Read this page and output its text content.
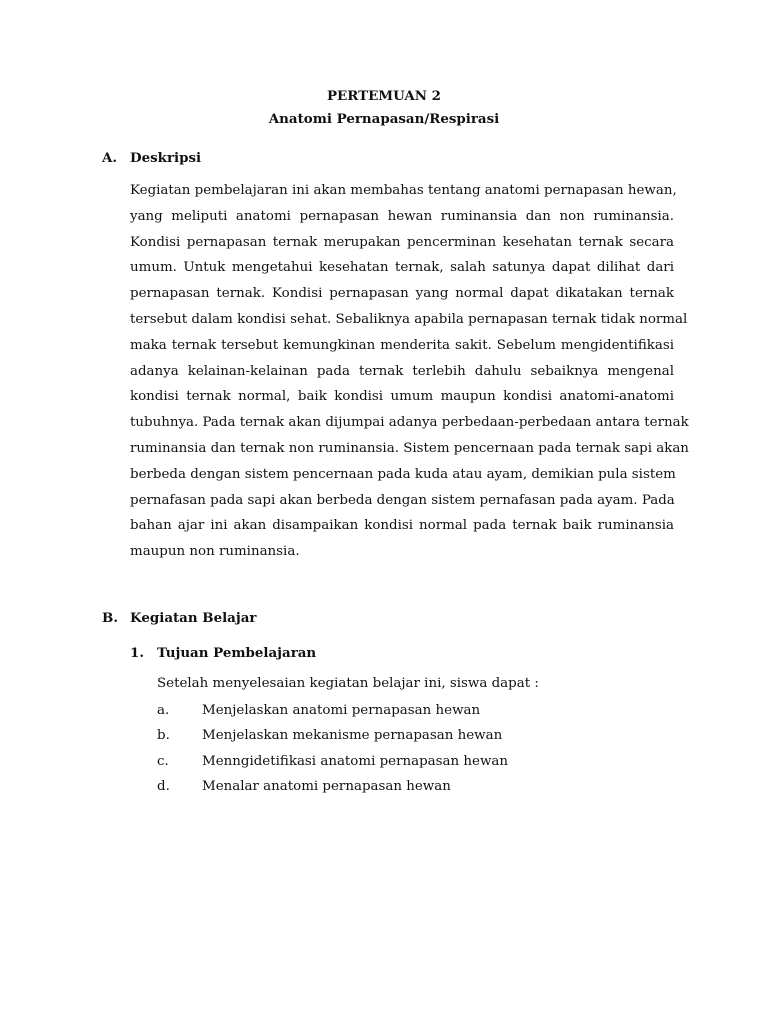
PERTEMUAN 2
Anatomi Pernapasan/Respirasi
A. Deskripsi
Kegiatan pembelajaran ini akan membahas tentang anatomi pernapasan hewan,
yang meliputi anatomi pernapasan hewan ruminansia dan non ruminansia.
Kondisi pernapasan ternak merupakan pencerminan kesehatan ternak secara
umum. Untuk mengetahui kesehatan ternak, salah satunya dapat dilihat dari
pernapasan ternak. Kondisi pernapasan yang normal dapat dikatakan ternak
tersebut dalam kondisi sehat. Sebaliknya apabila pernapasan ternak tidak normal
maka ternak tersebut kemungkinan menderita sakit. Sebelum mengidentifikasi
adanya kelainan-kelainan pada ternak terlebih dahulu sebaiknya mengenal
kondisi ternak normal, baik kondisi umum maupun kondisi anatomi-anatomi
tubuhnya. Pada ternak akan dijumpai adanya perbedaan-perbedaan antara ternak
ruminansia dan ternak non ruminansia. Sistem pencernaan pada ternak sapi akan
berbeda dengan sistem pencernaan pada kuda atau ayam, demikian pula sistem
pernafasan pada sapi akan berbeda dengan sistem pernafasan pada ayam. Pada
bahan ajar ini akan disampaikan kondisi normal pada ternak baik ruminansia
maupun non ruminansia.
B. Kegiatan Belajar
1. Tujuan Pembelajaran
Setelah menyelesaian kegiatan belajar ini, siswa dapat :
a. Menjelaskan anatomi pernapasan hewan
b. Menjelaskan mekanisme pernapasan hewan
c. Menngidetifikasi anatomi pernapasan hewan
d. Menalar anatomi pernapasan hewan
